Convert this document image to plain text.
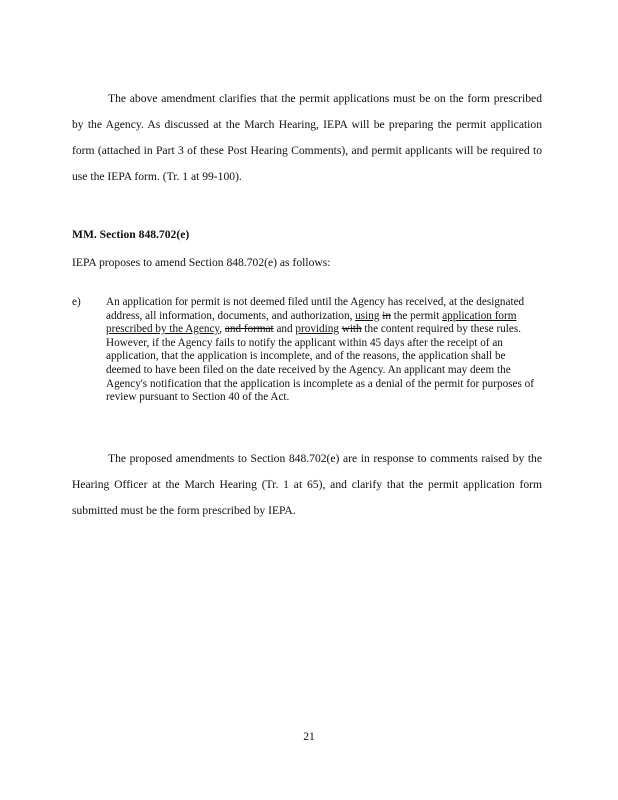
The above amendment clarifies that the permit applications must be on the form prescribed by the Agency. As discussed at the March Hearing, IEPA will be preparing the permit application form (attached in Part 3 of these Post Hearing Comments), and permit applicants will be required to use the IEPA form. (Tr. 1 at 99-100).

MM. Section 848.702(e)

IEPA proposes to amend Section 848.702(e) as follows:

e)	An application for permit is not deemed filed until the Agency has received, at the designated address, all information, documents, and authorization, using in the permit application form prescribed by the Agency, and format and providing with the content required by these rules. However, if the Agency fails to notify the applicant within 45 days after the receipt of an application, that the application is incomplete, and of the reasons, the application shall be deemed to have been filed on the date received by the Agency. An applicant may deem the Agency's notification that the application is incomplete as a denial of the permit for purposes of review pursuant to Section 40 of the Act.

The proposed amendments to Section 848.702(e) are in response to comments raised by the Hearing Officer at the March Hearing (Tr. 1 at 65), and clarify that the permit application form submitted must be the form prescribed by IEPA.

21
